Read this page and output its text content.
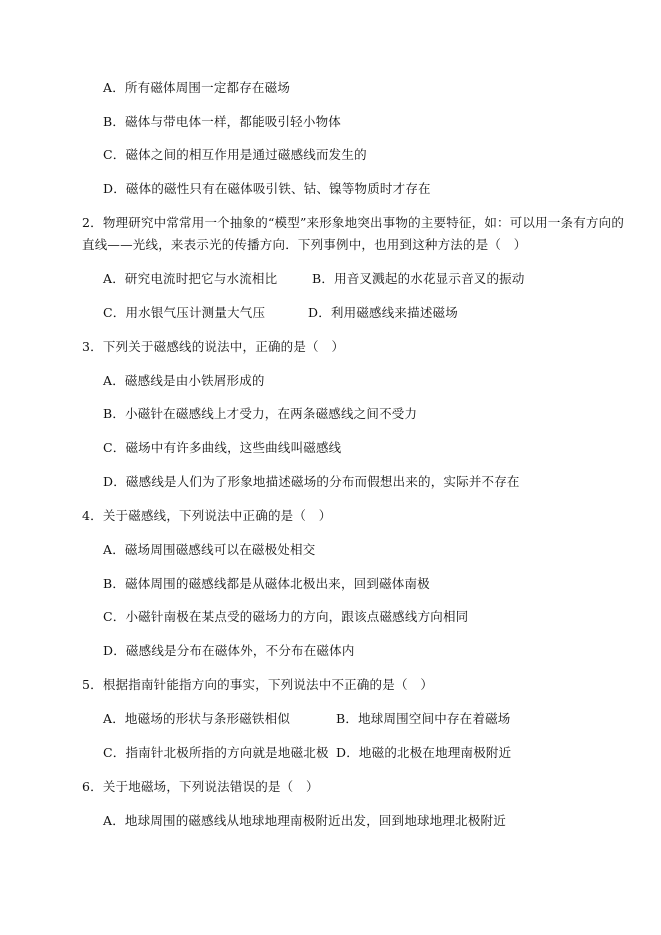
A．所有磁体周围一定都存在磁场
B．磁体与带电体一样，都能吸引轻小物体
C．磁体之间的相互作用是通过磁感线而发生的
D．磁体的磁性只有在磁体吸引铁、钴、镍等物质时才存在
2．物理研究中常常用一个抽象的“模型”来形象地突出事物的主要特征，如：可以用一条有方向的
直线——光线，来表示光的传播方向．下列事例中，也用到这种方法的是（　）
A．研究电流时把它与水流相比	B．用音叉溅起的水花显示音叉的振动
C．用水银气压计测量大气压	D．利用磁感线来描述磁场
3．下列关于磁感线的说法中，正确的是（　）
A．磁感线是由小铁屑形成的
B．小磁针在磁感线上才受力，在两条磁感线之间不受力
C．磁场中有许多曲线，这些曲线叫磁感线
D．磁感线是人们为了形象地描述磁场的分布而假想出来的，实际并不存在
4．关于磁感线，下列说法中正确的是（　）
A．磁场周围磁感线可以在磁极处相交
B．磁体周围的磁感线都是从磁体北极出来，回到磁体南极
C．小磁针南极在某点受的磁场力的方向，跟该点磁感线方向相同
D．磁感线是分布在磁体外，不分布在磁体内
5．根据指南针能指方向的事实，下列说法中不正确的是（　）
A．地磁场的形状与条形磁铁相似	B．地球周围空间中存在着磁场
C．指南针北极所指的方向就是地磁北极 D．地磁的北极在地理南极附近
6．关于地磁场，下列说法错误的是（　）
A．地球周围的磁感线从地球地理南极附近出发，回到地球地理北极附近
